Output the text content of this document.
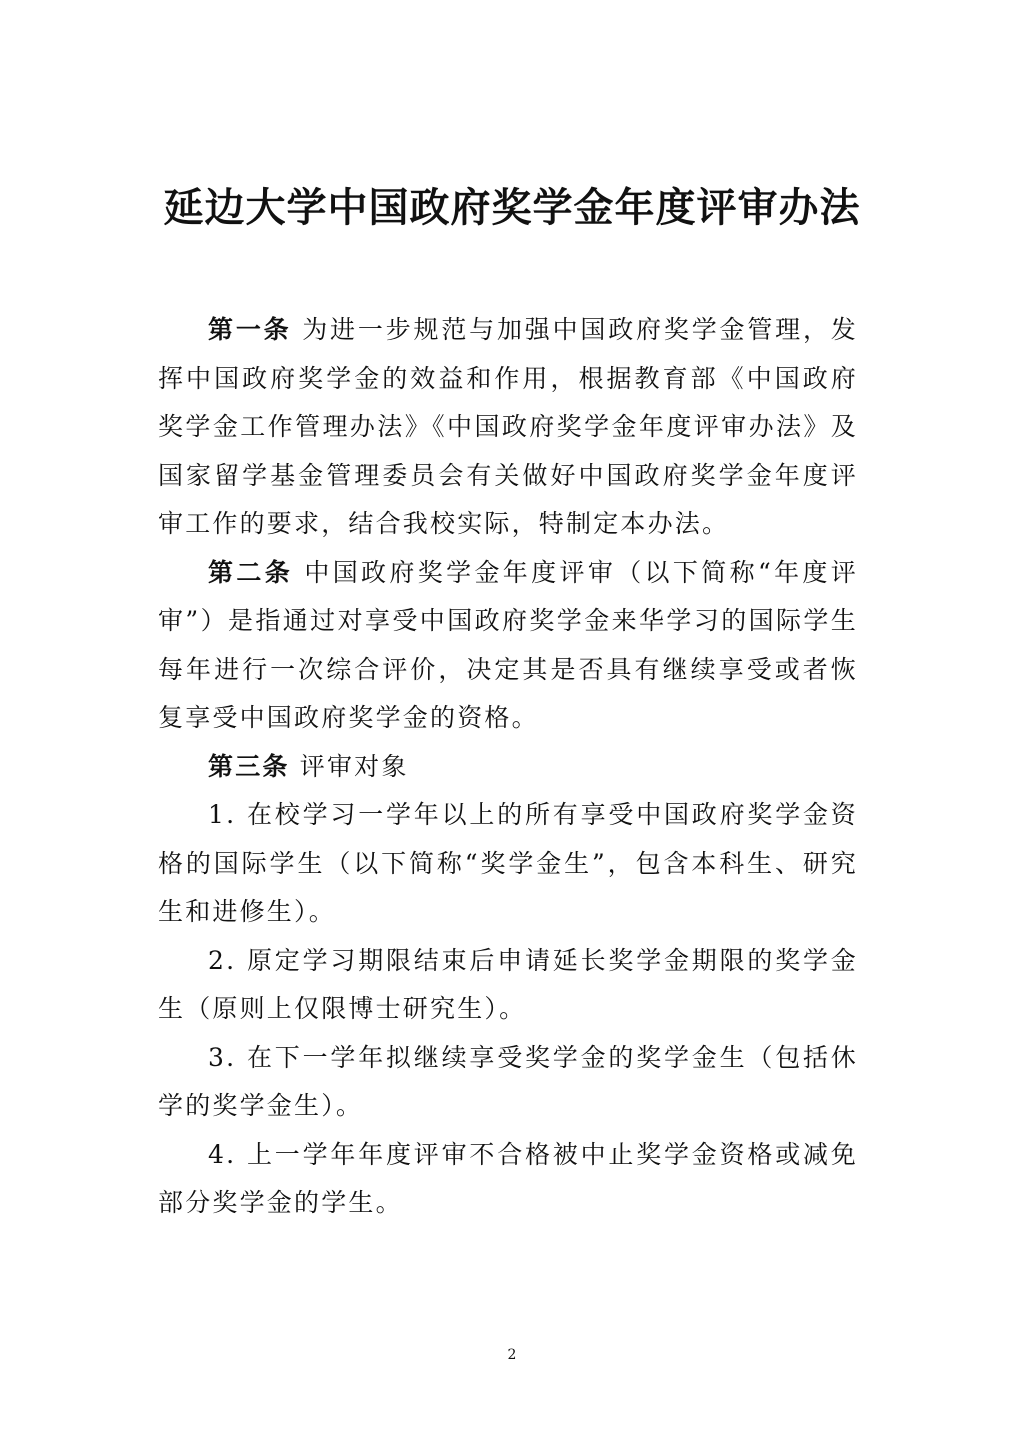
延边大学中国政府奖学金年度评审办法

第一条 为进一步规范与加强中国政府奖学金管理，发挥中国政府奖学金的效益和作用，根据教育部《中国政府奖学金工作管理办法》《中国政府奖学金年度评审办法》及国家留学基金管理委员会有关做好中国政府奖学金年度评审工作的要求，结合我校实际，特制定本办法。

第二条 中国政府奖学金年度评审（以下简称“年度评审”）是指通过对享受中国政府奖学金来华学习的国际学生每年进行一次综合评价，决定其是否具有继续享受或者恢复享受中国政府奖学金的资格。

第三条 评审对象

1. 在校学习一学年以上的所有享受中国政府奖学金资格的国际学生（以下简称“奖学金生”，包含本科生、研究生和进修生）。

2. 原定学习期限结束后申请延长奖学金期限的奖学金生（原则上仅限博士研究生）。

3. 在下一学年拟继续享受奖学金的奖学金生（包括休学的奖学金生）。

4. 上一学年年度评审不合格被中止奖学金资格或减免部分奖学金的学生。

2
